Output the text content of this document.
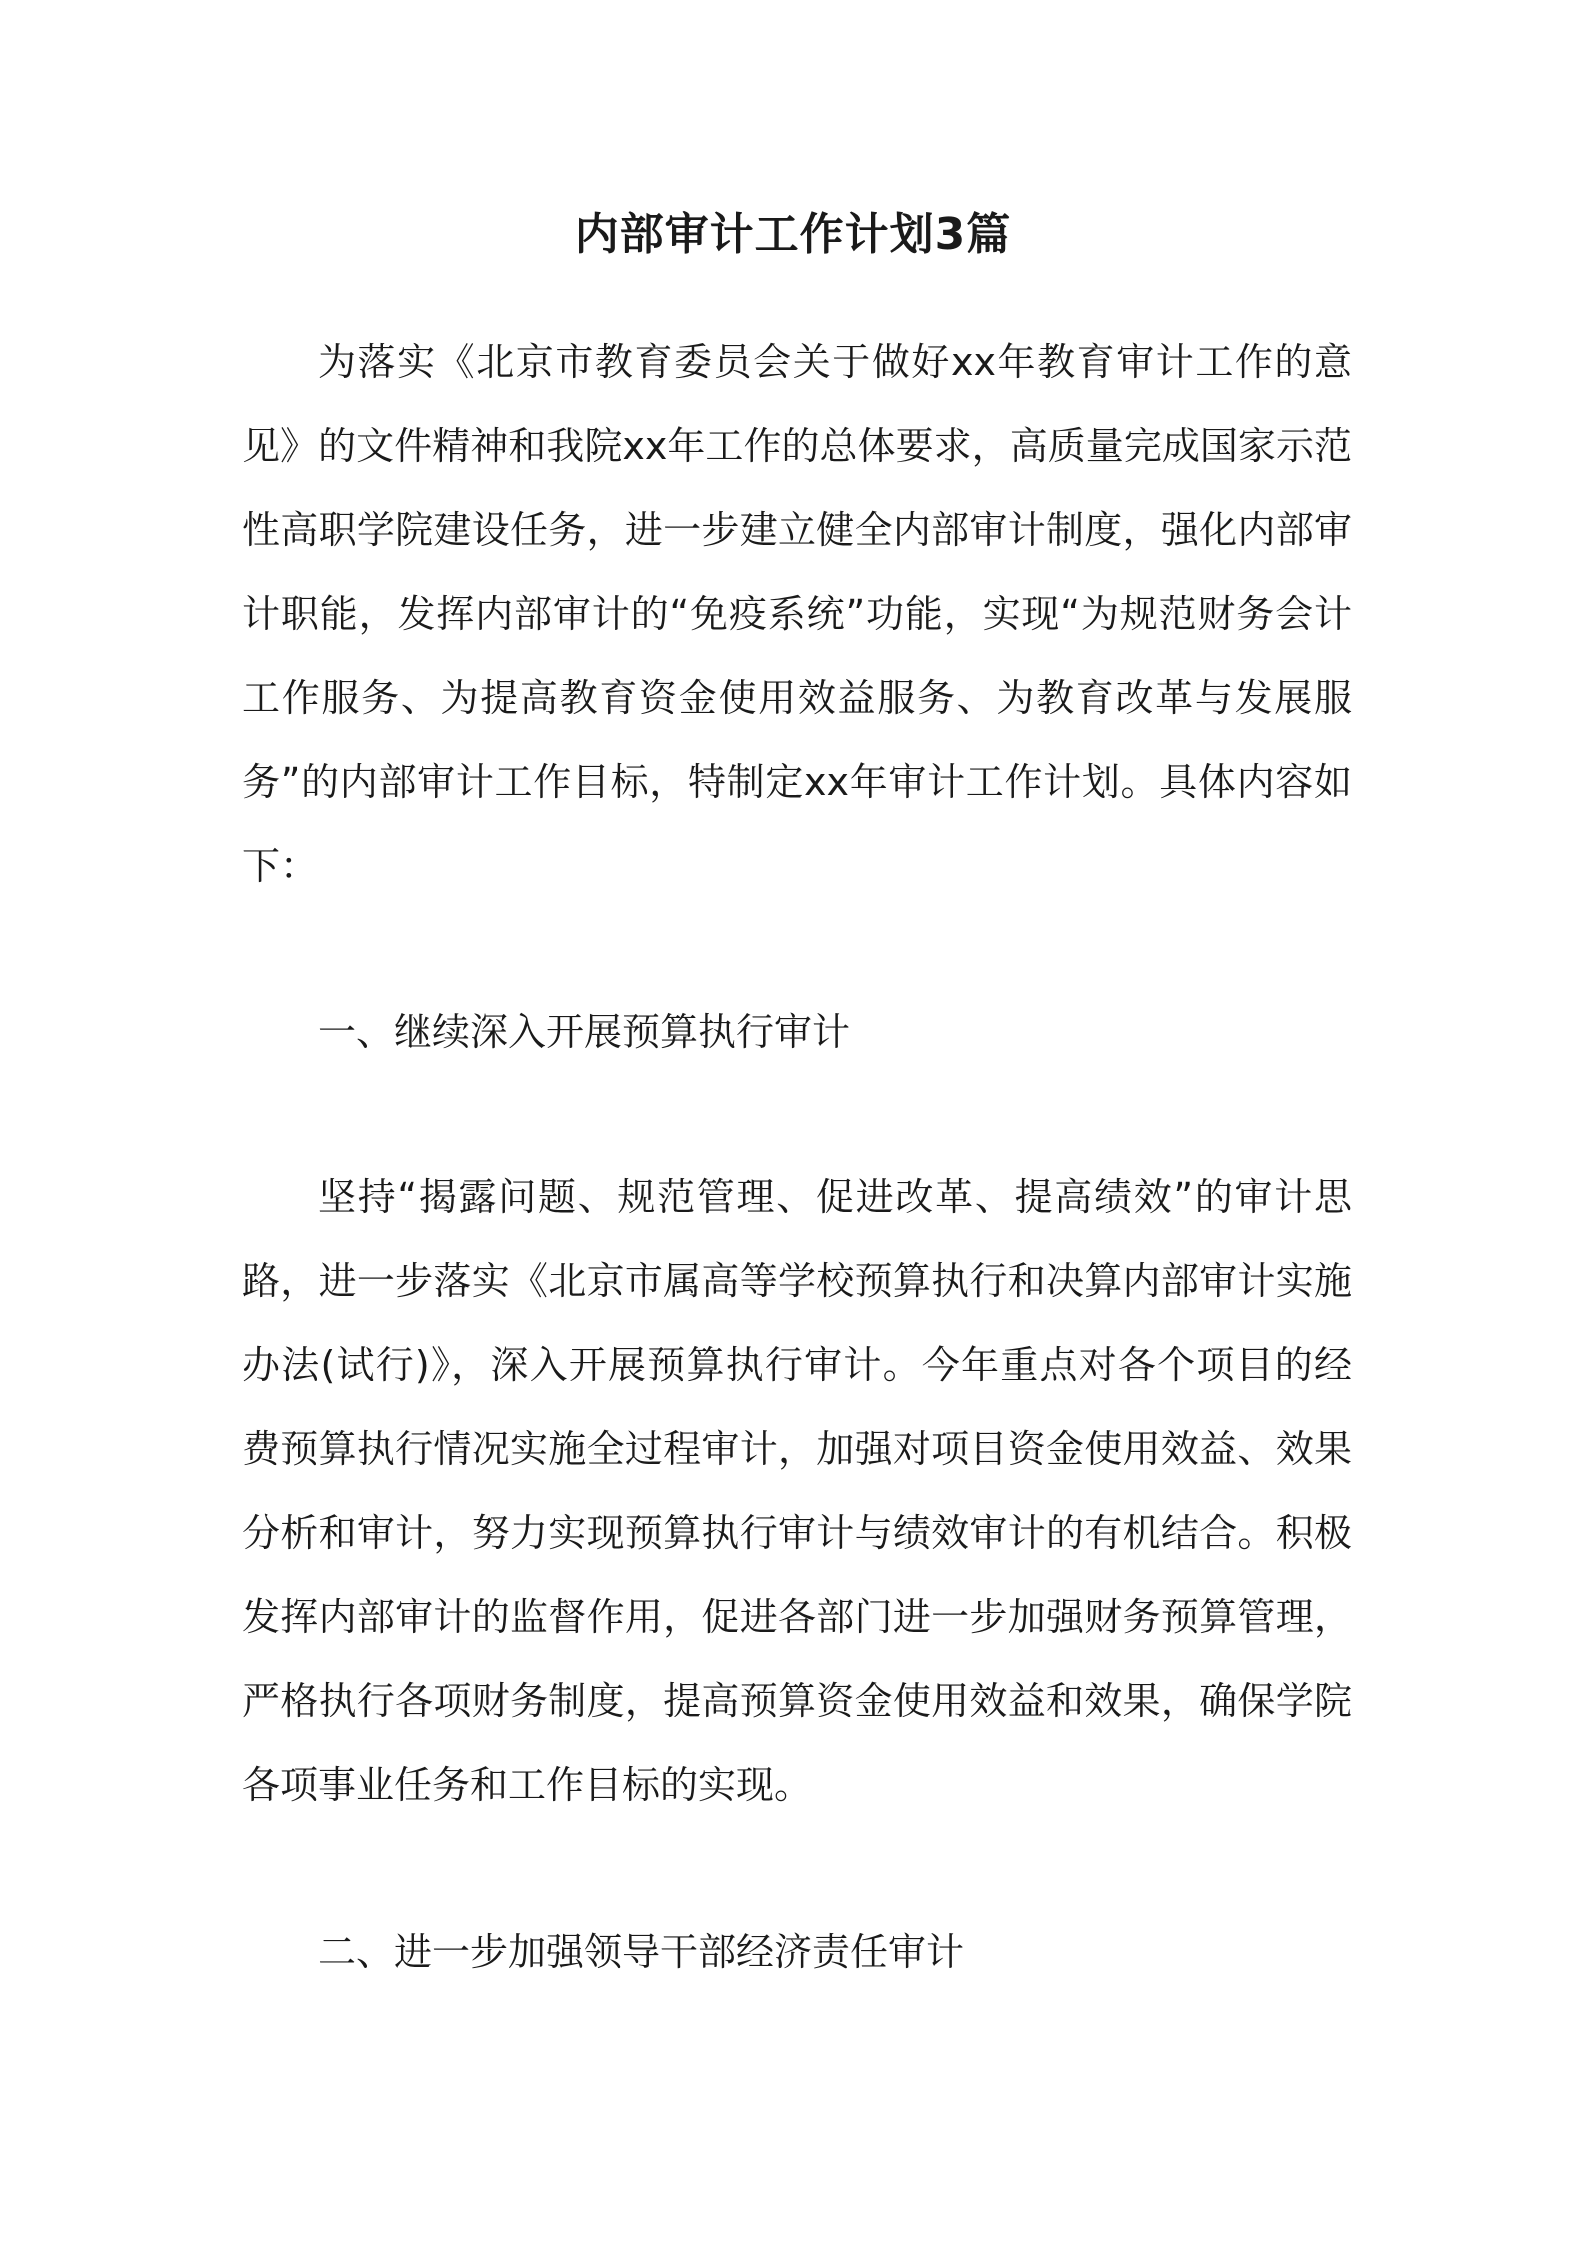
内部审计工作计划3篇

为落实《北京市教育委员会关于做好xx年教育审计工作的意见》的文件精神和我院xx年工作的总体要求，高质量完成国家示范性高职学院建设任务，进一步建立健全内部审计制度，强化内部审计职能，发挥内部审计的“免疫系统”功能，实现“为规范财务会计工作服务、为提高教育资金使用效益服务、为教育改革与发展服务”的内部审计工作目标，特制定xx年审计工作计划。具体内容如下：

一、继续深入开展预算执行审计

坚持“揭露问题、规范管理、促进改革、提高绩效”的审计思路，进一步落实《北京市属高等学校预算执行和决算内部审计实施办法(试行)》，深入开展预算执行审计。今年重点对各个项目的经费预算执行情况实施全过程审计，加强对项目资金使用效益、效果分析和审计，努力实现预算执行审计与绩效审计的有机结合。积极发挥内部审计的监督作用，促进各部门进一步加强财务预算管理，严格执行各项财务制度，提高预算资金使用效益和效果，确保学院各项事业任务和工作目标的实现。

二、进一步加强领导干部经济责任审计
